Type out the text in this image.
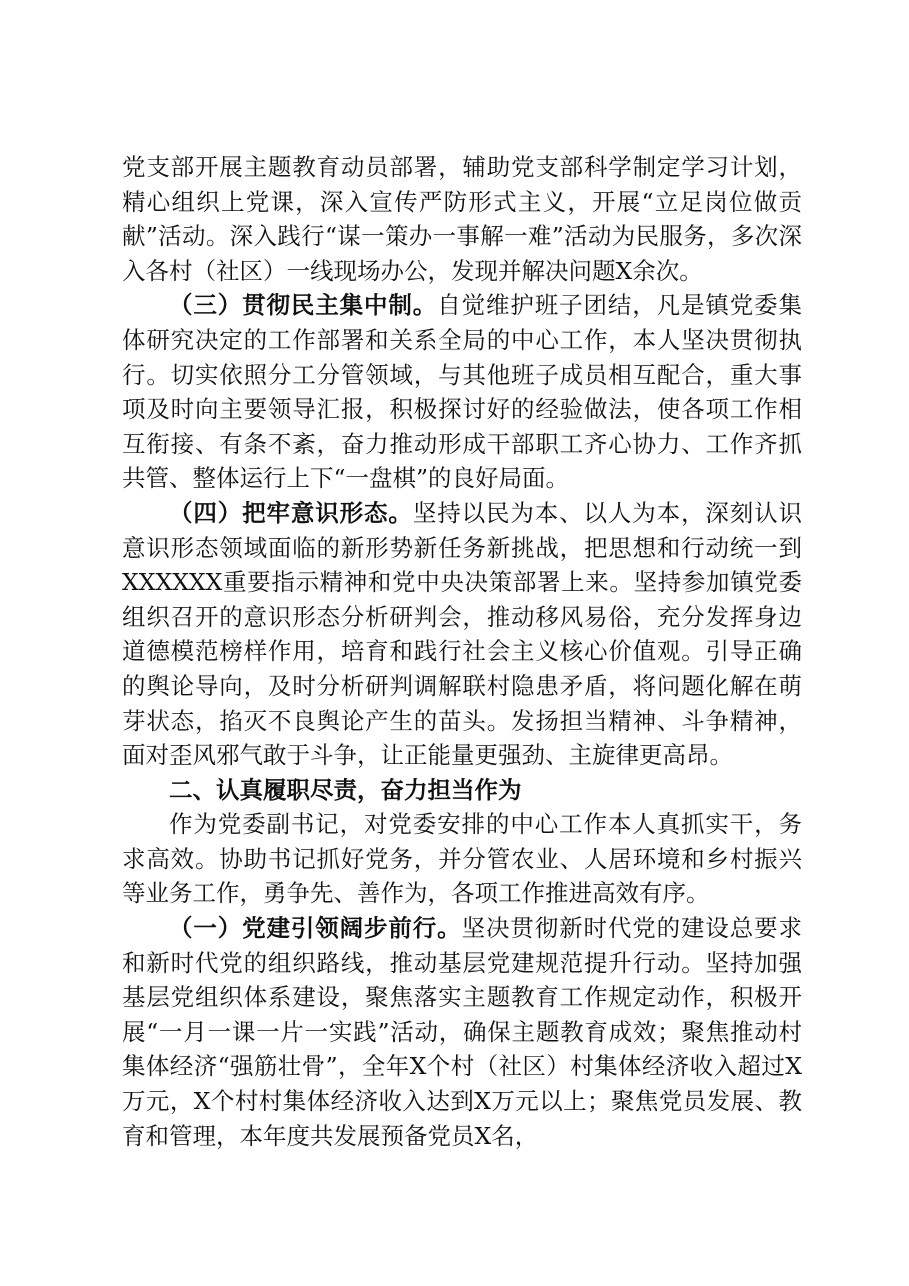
党支部开展主题教育动员部署，辅助党支部科学制定学习计划，精心组织上党课，深入宣传严防形式主义，开展“立足岗位做贡献”活动。深入践行“谋一策办一事解一难”活动为民服务，多次深入各村（社区）一线现场办公，发现并解决问题X余次。

（三）贯彻民主集中制。自觉维护班子团结，凡是镇党委集体研究决定的工作部署和关系全局的中心工作，本人坚决贯彻执行。切实依照分工分管领域，与其他班子成员相互配合，重大事项及时向主要领导汇报，积极探讨好的经验做法，使各项工作相互衔接、有条不紊，奋力推动形成干部职工齐心协力、工作齐抓共管、整体运行上下“一盘棋”的良好局面。

（四）把牢意识形态。坚持以民为本、以人为本，深刻认识意识形态领域面临的新形势新任务新挑战，把思想和行动统一到XXXXXX重要指示精神和党中央决策部署上来。坚持参加镇党委组织召开的意识形态分析研判会，推动移风易俗，充分发挥身边道德模范榜样作用，培育和践行社会主义核心价值观。引导正确的舆论导向，及时分析研判调解联村隐患矛盾，将问题化解在萌芽状态，掐灭不良舆论产生的苗头。发扬担当精神、斗争精神，面对歪风邪气敢于斗争，让正能量更强劲、主旋律更高昂。

二、认真履职尽责，奋力担当作为

作为党委副书记，对党委安排的中心工作本人真抓实干，务求高效。协助书记抓好党务，并分管农业、人居环境和乡村振兴等业务工作，勇争先、善作为，各项工作推进高效有序。

（一）党建引领阔步前行。坚决贯彻新时代党的建设总要求和新时代党的组织路线，推动基层党建规范提升行动。坚持加强基层党组织体系建设，聚焦落实主题教育工作规定动作，积极开展“一月一课一片一实践”活动，确保主题教育成效；聚焦推动村集体经济“强筋壮骨”，全年X个村（社区）村集体经济收入超过X万元，X个村村集体经济收入达到X万元以上；聚焦党员发展、教育和管理，本年度共发展预备党员X名，
